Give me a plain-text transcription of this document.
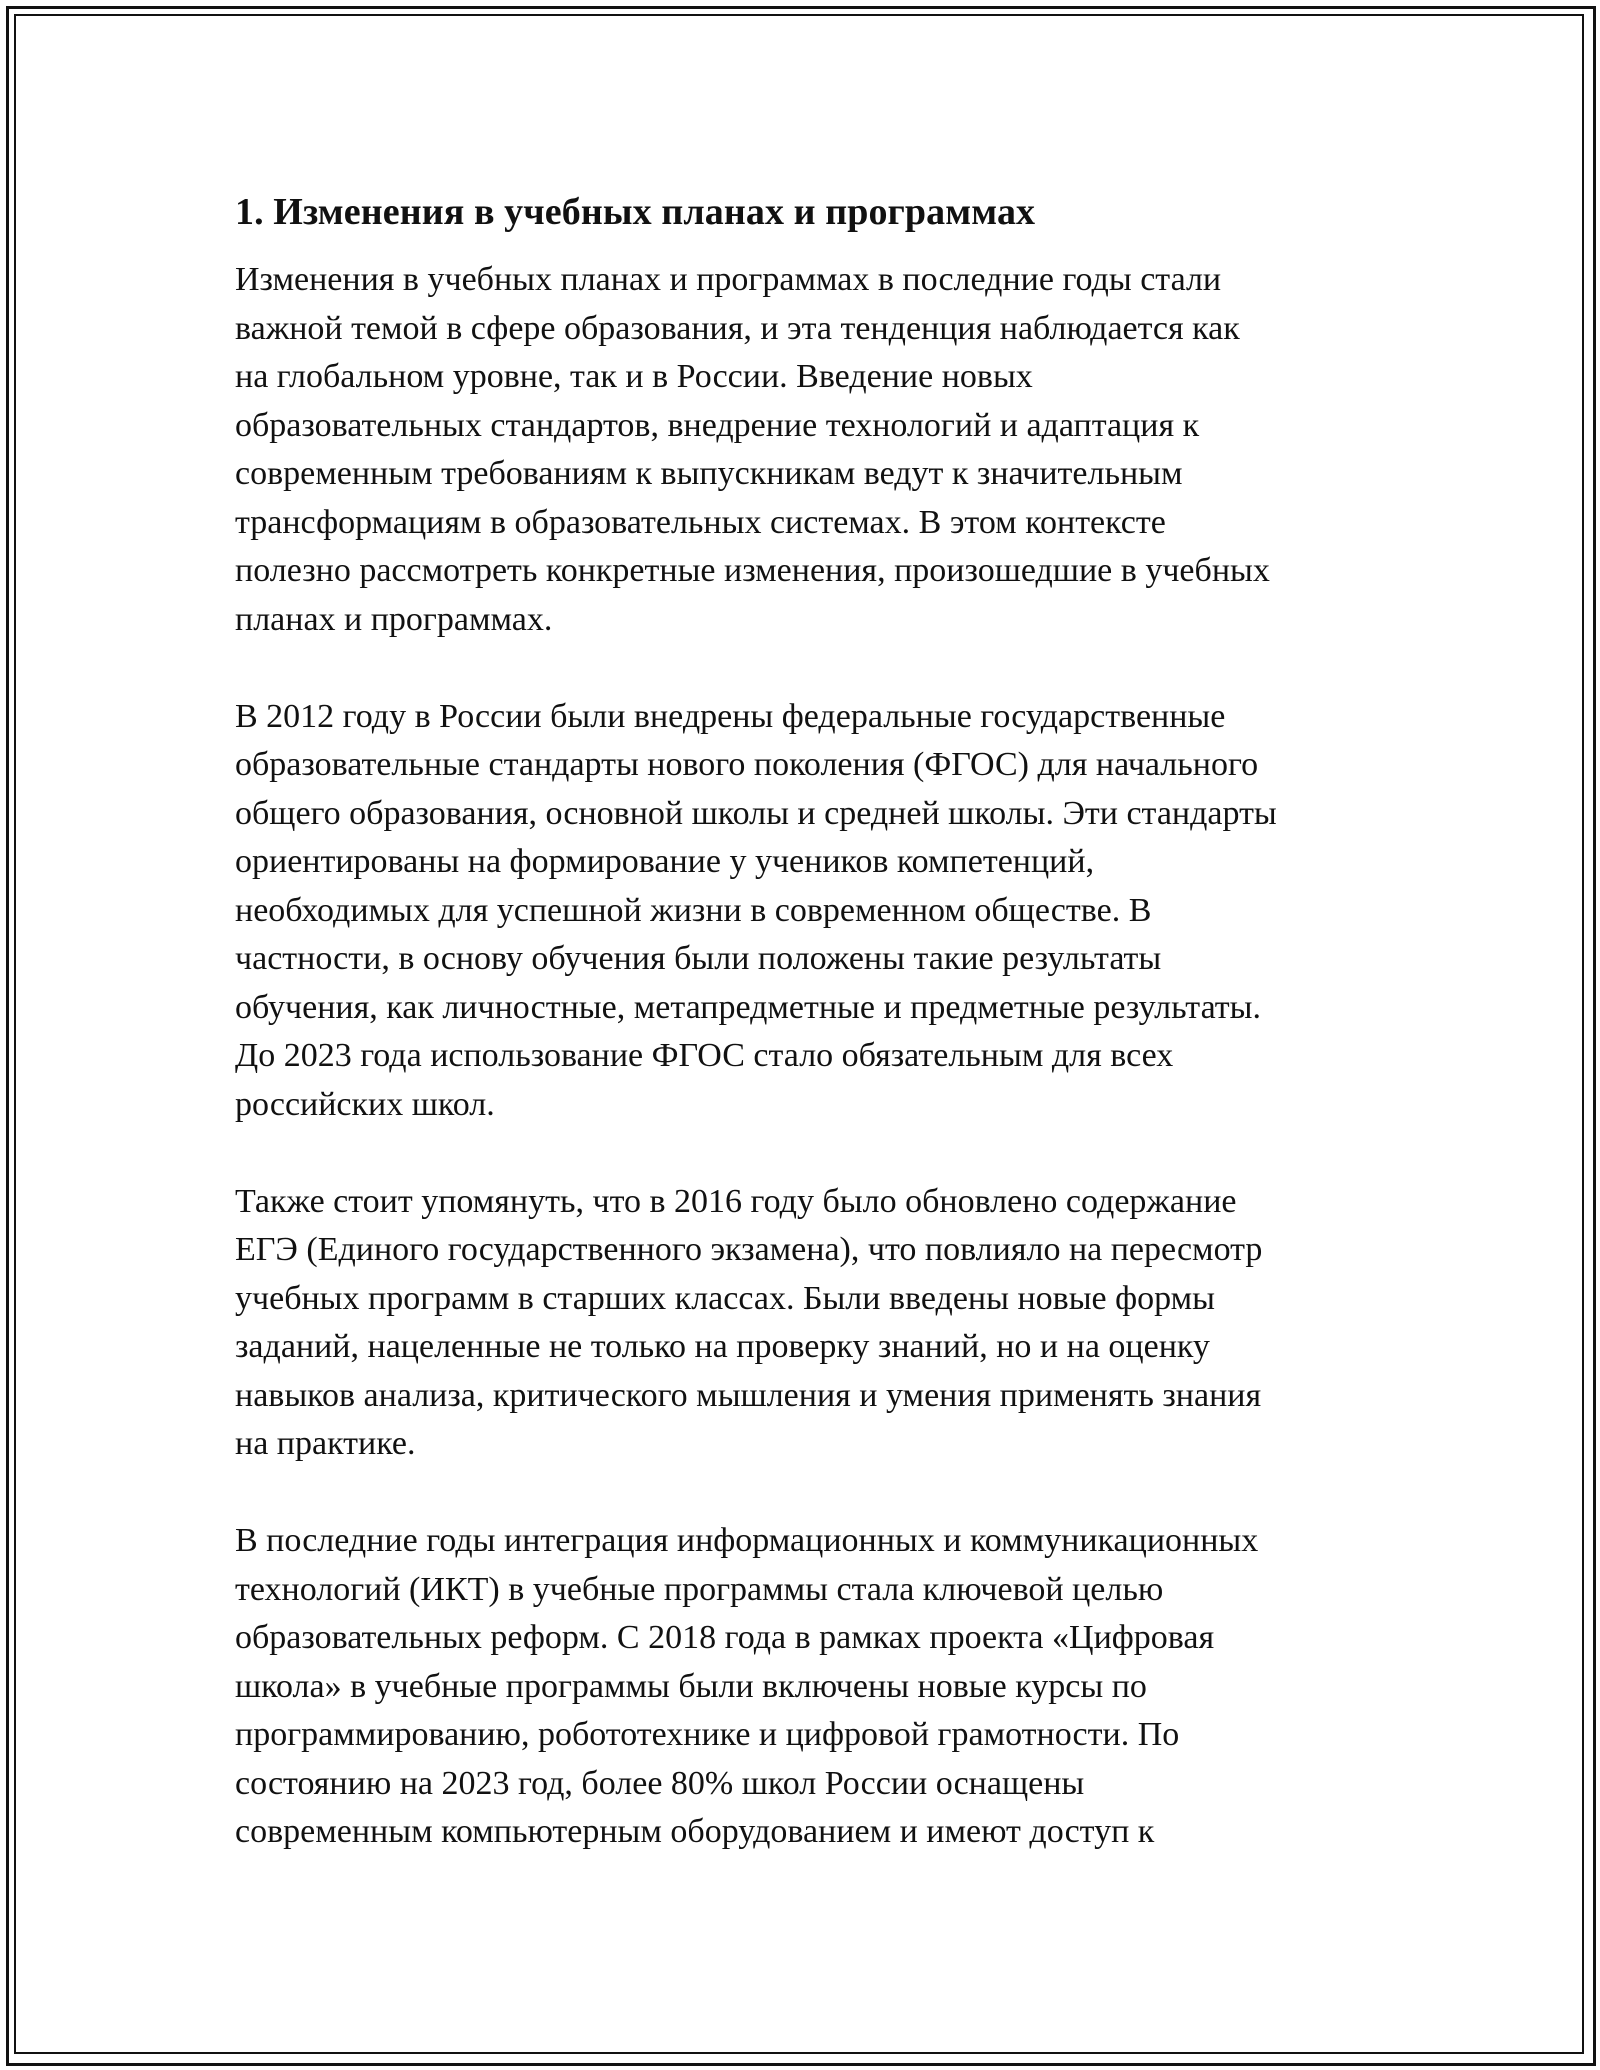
1. Изменения в учебных планах и программах

Изменения в учебных планах и программах в последние годы стали
важной темой в сфере образования, и эта тенденция наблюдается как
на глобальном уровне, так и в России. Введение новых
образовательных стандартов, внедрение технологий и адаптация к
современным требованиям к выпускникам ведут к значительным
трансформациям в образовательных системах. В этом контексте
полезно рассмотреть конкретные изменения, произошедшие в учебных
планах и программах.

В 2012 году в России были внедрены федеральные государственные
образовательные стандарты нового поколения (ФГОС) для начального
общего образования, основной школы и средней школы. Эти стандарты
ориентированы на формирование у учеников компетенций,
необходимых для успешной жизни в современном обществе. В
частности, в основу обучения были положены такие результаты
обучения, как личностные, метапредметные и предметные результаты.
До 2023 года использование ФГОС стало обязательным для всех
российских школ.

Также стоит упомянуть, что в 2016 году было обновлено содержание
ЕГЭ (Единого государственного экзамена), что повлияло на пересмотр
учебных программ в старших классах. Были введены новые формы
заданий, нацеленные не только на проверку знаний, но и на оценку
навыков анализа, критического мышления и умения применять знания
на практике.

В последние годы интеграция информационных и коммуникационных
технологий (ИКТ) в учебные программы стала ключевой целью
образовательных реформ. С 2018 года в рамках проекта «Цифровая
школа» в учебные программы были включены новые курсы по
программированию, робототехнике и цифровой грамотности. По
состоянию на 2023 год, более 80% школ России оснащены
современным компьютерным оборудованием и имеют доступ к
